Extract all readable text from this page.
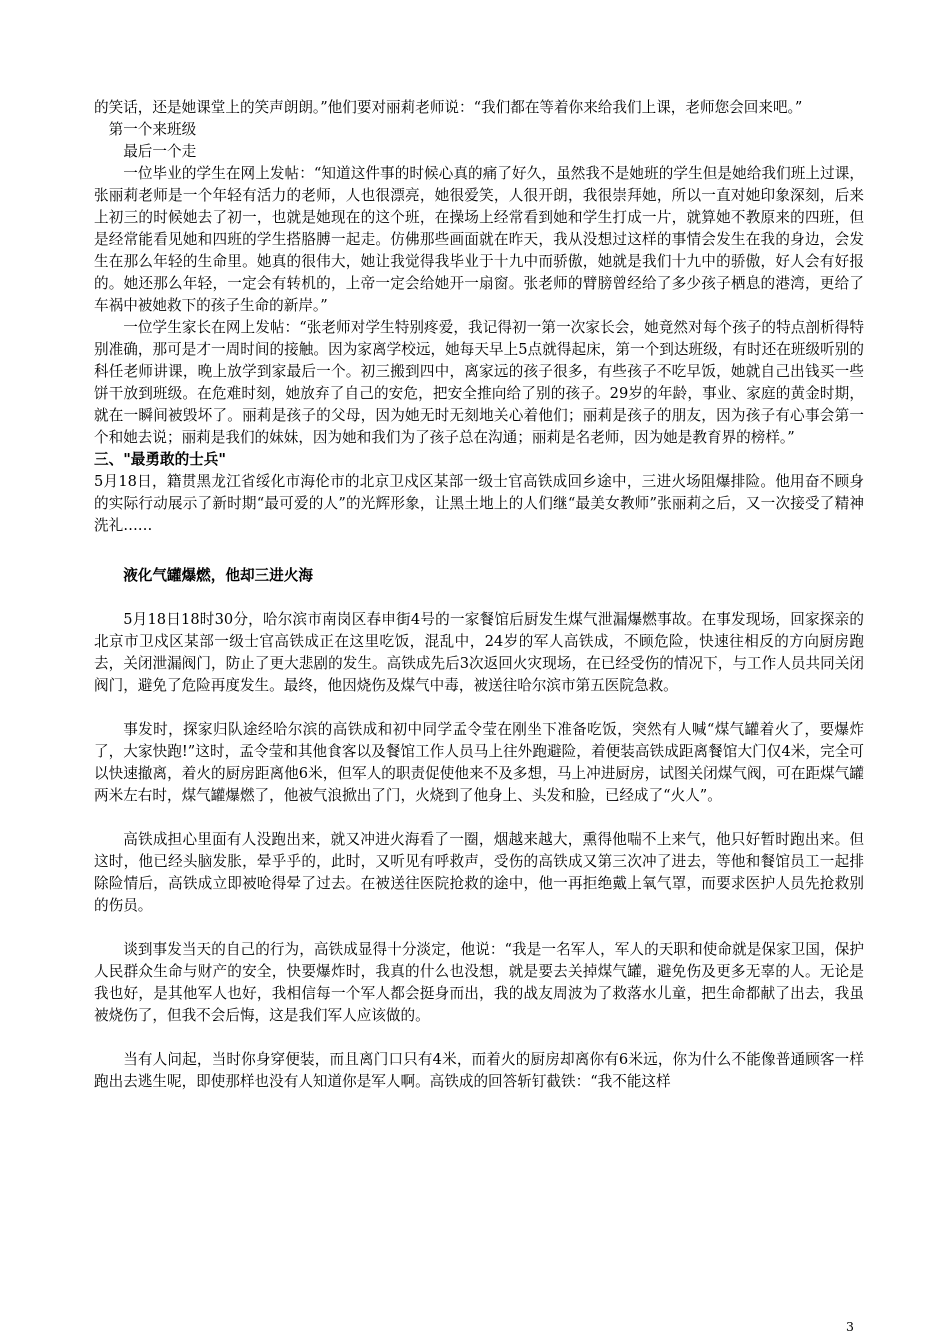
的笑话，还是她课堂上的笑声朗朗。”他们要对丽莉老师说：“我们都在等着你来给我们上课，老师您会回来吧。”

第一个来班级

最后一个走

一位毕业的学生在网上发帖：“知道这件事的时候心真的痛了好久，虽然我不是她班的学生但是她给我们班上过课，张丽莉老师是一个年轻有活力的老师，人也很漂亮，她很爱笑，人很开朗，我很崇拜她，所以一直对她印象深刻，后来上初三的时候她去了初一，也就是她现在的这个班，在操场上经常看到她和学生打成一片，就算她不教原来的四班，但是经常能看见她和四班的学生搭胳膊一起走。仿佛那些画面就在昨天，我从没想过这样的事情会发生在我的身边，会发生在那么年轻的生命里。她真的很伟大，她让我觉得我毕业于十九中而骄傲，她就是我们十九中的骄傲，好人会有好报的。她还那么年轻，一定会有转机的，上帝一定会给她开一扇窗。张老师的臂膀曾经给了多少孩子栖息的港湾，更给了车祸中被她救下的孩子生命的新岸。”

一位学生家长在网上发帖：“张老师对学生特别疼爱，我记得初一第一次家长会，她竟然对每个孩子的特点剖析得特别准确，那可是才一周时间的接触。因为家离学校远，她每天早上5点就得起床，第一个到达班级，有时还在班级听别的科任老师讲课，晚上放学到家最后一个。初三搬到四中，离家远的孩子很多，有些孩子不吃早饭，她就自己出钱买一些饼干放到班级。在危难时刻，她放弃了自己的安危，把安全推向给了别的孩子。29岁的年龄，事业、家庭的黄金时期，就在一瞬间被毁坏了。丽莉是孩子的父母，因为她无时无刻地关心着他们；丽莉是孩子的朋友，因为孩子有心事会第一个和她去说；丽莉是我们的妹妹，因为她和我们为了孩子总在沟通；丽莉是名老师，因为她是教育界的榜样。”

三、"最勇敢的士兵"

5月18日，籍贯黑龙江省绥化市海伦市的北京卫戍区某部一级士官高铁成回乡途中，三进火场阻爆排险。他用奋不顾身的实际行动展示了新时期“最可爱的人”的光辉形象，让黑土地上的人们继“最美女教师”张丽莉之后，又一次接受了精神洗礼……

液化气罐爆燃，他却三进火海

5月18日18时30分，哈尔滨市南岗区春申街4号的一家餐馆后厨发生煤气泄漏爆燃事故。在事发现场，回家探亲的北京市卫戍区某部一级士官高铁成正在这里吃饭，混乱中，24岁的军人高铁成，不顾危险，快速往相反的方向厨房跑去，关闭泄漏阀门，防止了更大悲剧的发生。高铁成先后3次返回火灾现场，在已经受伤的情况下，与工作人员共同关闭阀门，避免了危险再度发生。最终，他因烧伤及煤气中毒，被送往哈尔滨市第五医院急救。

事发时，探家归队途经哈尔滨的高铁成和初中同学孟令莹在刚坐下准备吃饭，突然有人喊“煤气罐着火了，要爆炸了，大家快跑!”这时，孟令莹和其他食客以及餐馆工作人员马上往外跑避险，着便装高铁成距离餐馆大门仅4米，完全可以快速撤离，着火的厨房距离他6米，但军人的职责促使他来不及多想，马上冲进厨房，试图关闭煤气阀，可在距煤气罐两米左右时，煤气罐爆燃了，他被气浪掀出了门，火烧到了他身上、头发和脸，已经成了“火人”。

高铁成担心里面有人没跑出来，就又冲进火海看了一圈，烟越来越大，熏得他喘不上来气，他只好暂时跑出来。但这时，他已经头脑发胀，晕乎乎的，此时，又听见有呼救声，受伤的高铁成又第三次冲了进去，等他和餐馆员工一起排除险情后，高铁成立即被呛得晕了过去。在被送往医院抢救的途中，他一再拒绝戴上氧气罩，而要求医护人员先抢救别的伤员。

谈到事发当天的自己的行为，高铁成显得十分淡定，他说：“我是一名军人，军人的天职和使命就是保家卫国，保护人民群众生命与财产的安全，快要爆炸时，我真的什么也没想，就是要去关掉煤气罐，避免伤及更多无辜的人。无论是我也好，是其他军人也好，我相信每一个军人都会挺身而出，我的战友周波为了救落水儿童，把生命都献了出去，我虽被烧伤了，但我不会后悔，这是我们军人应该做的。

当有人问起，当时你身穿便装，而且离门口只有4米，而着火的厨房却离你有6米远，你为什么不能像普通顾客一样跑出去逃生呢，即使那样也没有人知道你是军人啊。高铁成的回答斩钉截铁：“我不能这样

3
